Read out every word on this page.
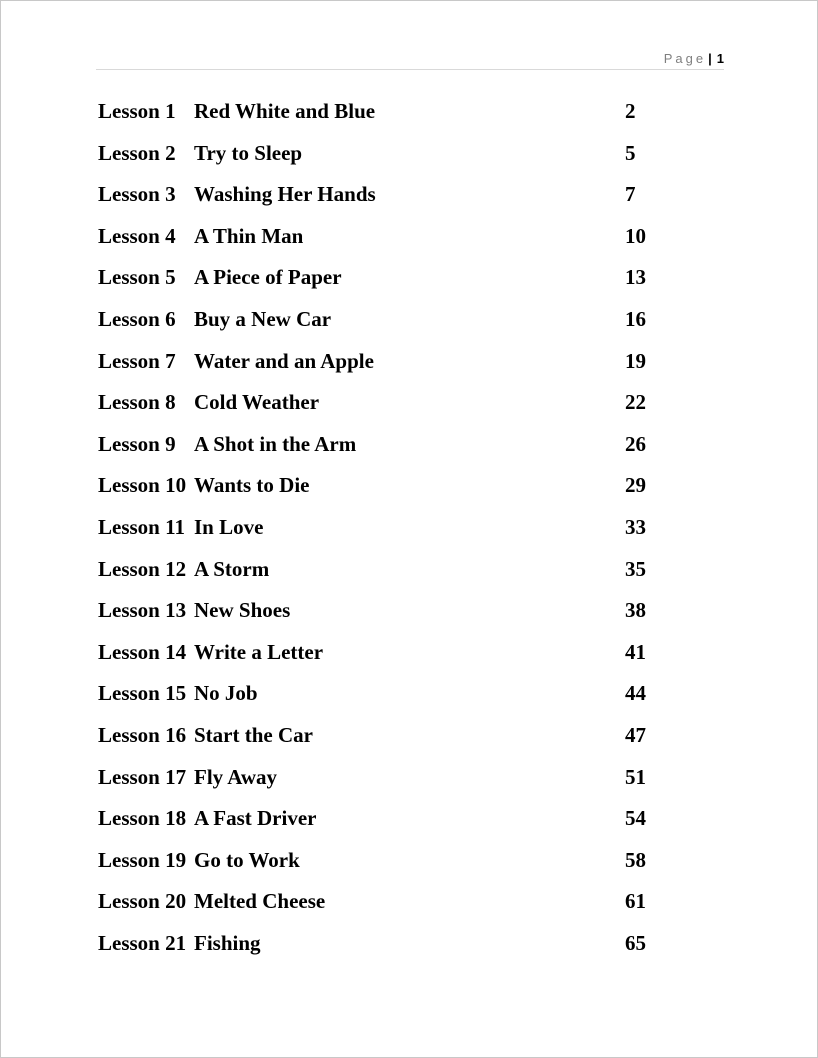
Page | 1
Lesson 1 Red White and Blue	2
Lesson 2 Try to Sleep	5
Lesson 3 Washing Her Hands	7
Lesson 4 A Thin Man	10
Lesson 5 A Piece of Paper	13
Lesson 6 Buy a New Car	16
Lesson 7 Water and an Apple	19
Lesson 8 Cold Weather	22
Lesson 9 A Shot in the Arm	26
Lesson 10 Wants to Die	29
Lesson 11 In Love	33
Lesson 12 A Storm	35
Lesson 13 New Shoes	38
Lesson 14 Write a Letter	41
Lesson 15 No Job	44
Lesson 16 Start the Car	47
Lesson 17 Fly Away	51
Lesson 18 A Fast Driver	54
Lesson 19 Go to Work	58
Lesson 20 Melted Cheese	61
Lesson 21 Fishing	65
